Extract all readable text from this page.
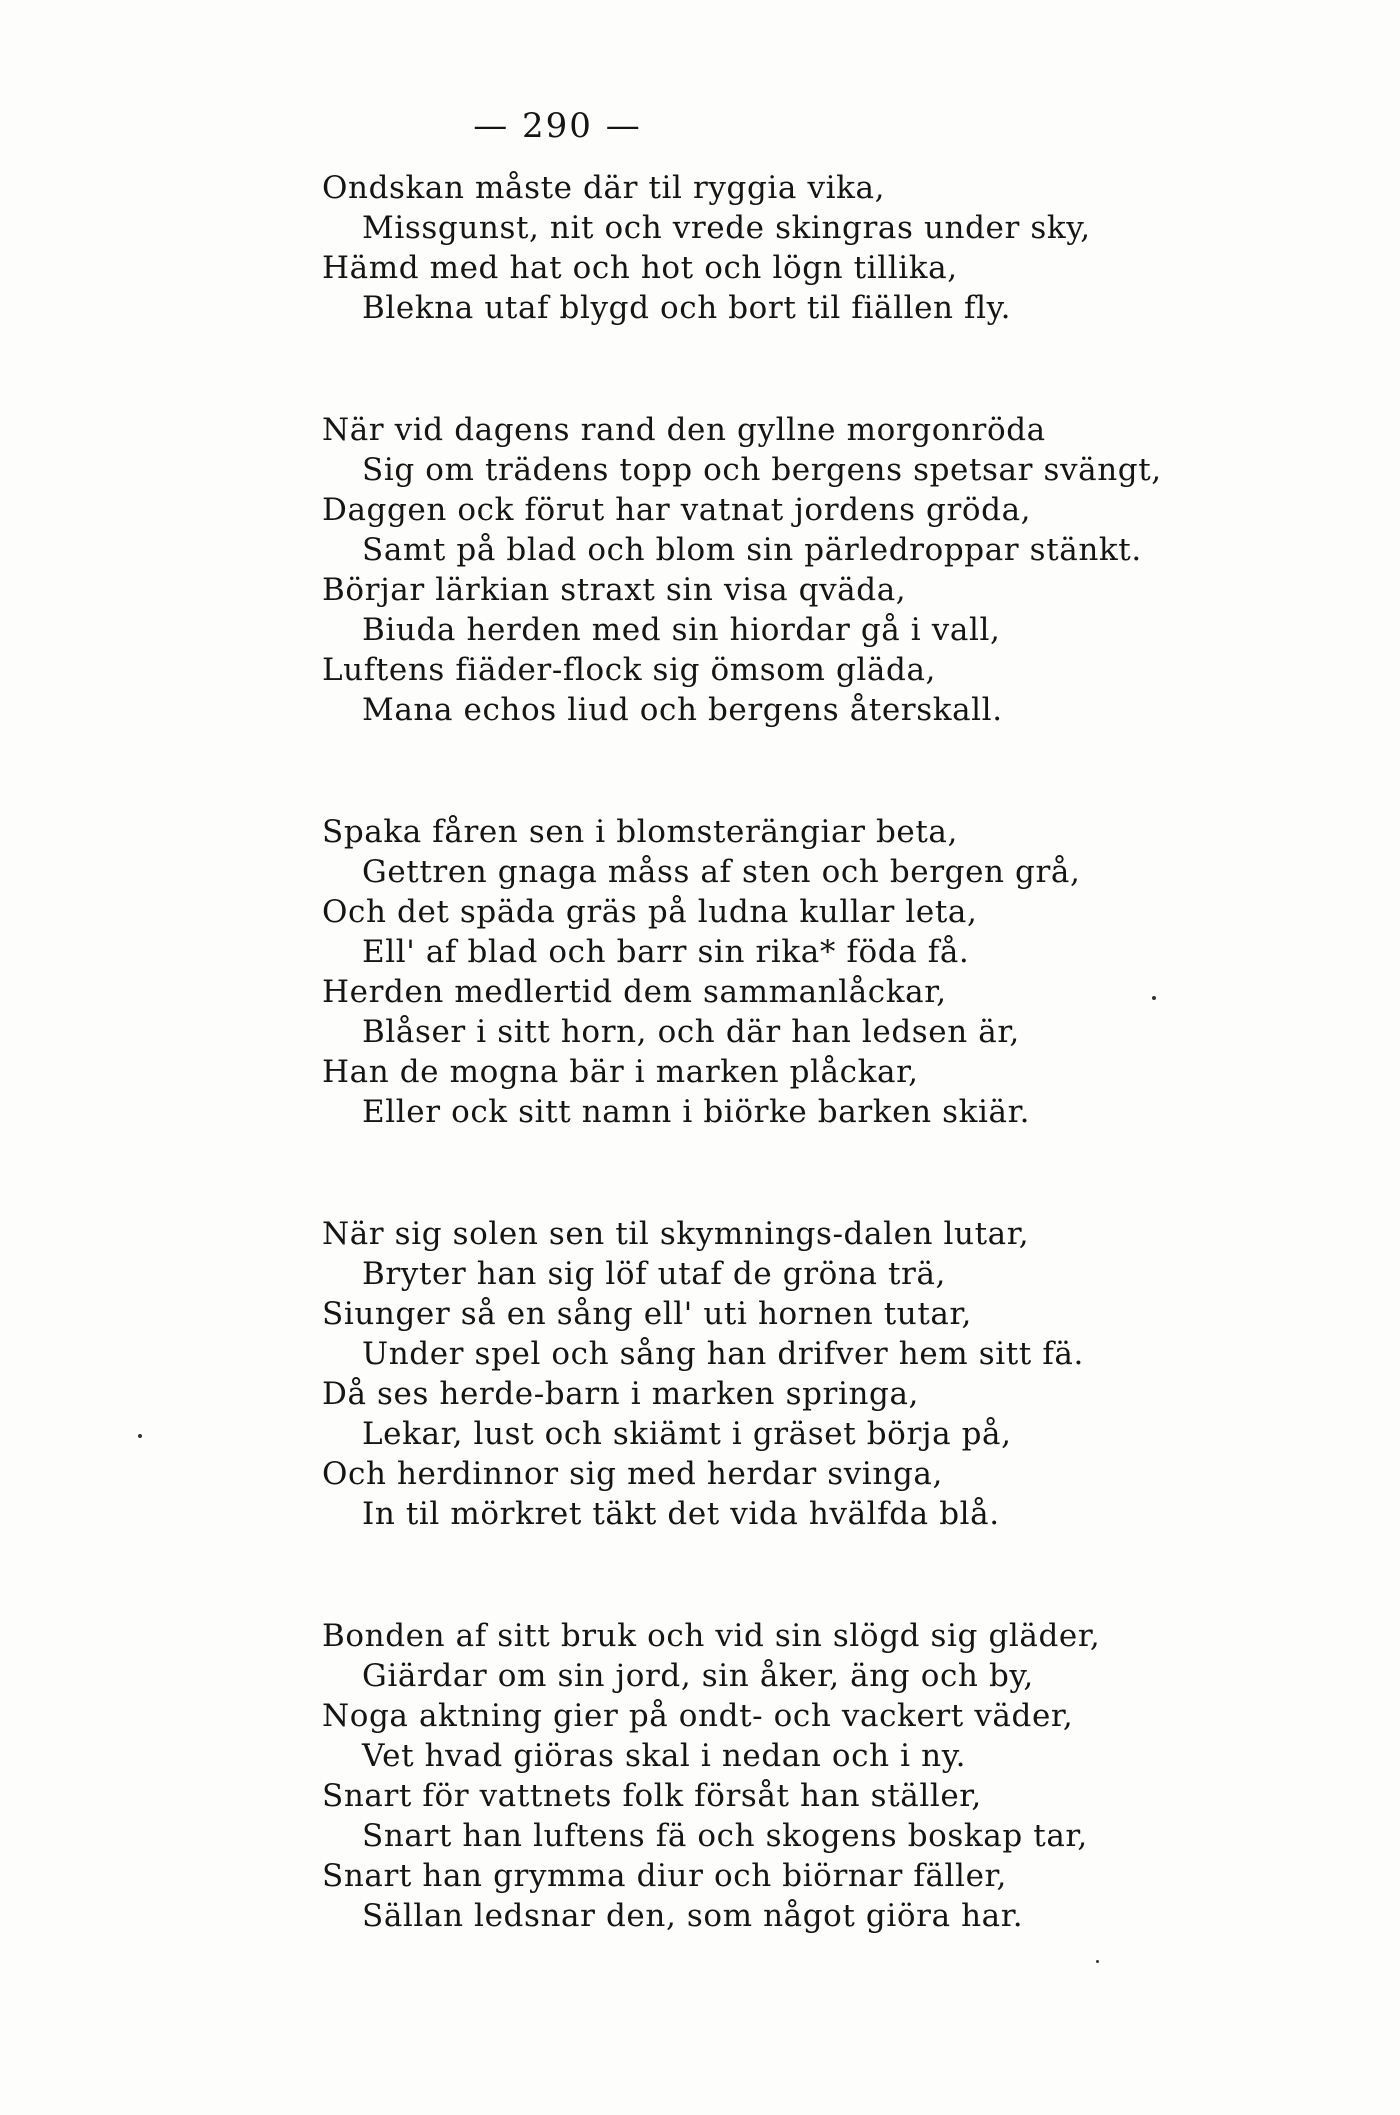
— 290 —
Ondskan måste där til ryggia vika,
Missgunst, nit och vrede skingras under sky,
Hämd med hat och hot och lögn tillika,
Blekna utaf blygd och bort til fiällen fly.
När vid dagens rand den gyllne morgonröda
Sig om trädens topp och bergens spetsar svängt,
Daggen ock förut har vatnat jordens gröda,
Samt på blad och blom sin pärledroppar stänkt.
Börjar lärkian straxt sin visa qväda,
Biuda herden med sin hiordar gå i vall,
Luftens fiäder-flock sig ömsom gläda,
Mana echos liud och bergens återskall.
Spaka fåren sen i blomsterängiar beta,
Gettren gnaga måss af sten och bergen grå,
Och det späda gräs på ludna kullar leta,
Ell' af blad och barr sin rika* föda få.
Herden medlertid dem sammanlåckar,
Blåser i sitt horn, och där han ledsen är,
Han de mogna bär i marken plåckar,
Eller ock sitt namn i biörke barken skiär.
När sig solen sen til skymnings-dalen lutar,
Bryter han sig löf utaf de gröna trä,
Siunger så en sång ell' uti hornen tutar,
Under spel och sång han drifver hem sitt fä.
Då ses herde-barn i marken springa,
Lekar, lust och skiämt i gräset börja på,
Och herdinnor sig med herdar svinga,
In til mörkret täkt det vida hvälfda blå.
Bonden af sitt bruk och vid sin slögd sig gläder,
Giärdar om sin jord, sin åker, äng och by,
Noga aktning gier på ondt- och vackert väder,
Vet hvad giöras skal i nedan och i ny.
Snart för vattnets folk försåt han ställer,
Snart han luftens fä och skogens boskap tar,
Snart han grymma diur och biörnar fäller,
Sällan ledsnar den, som något giöra har.
